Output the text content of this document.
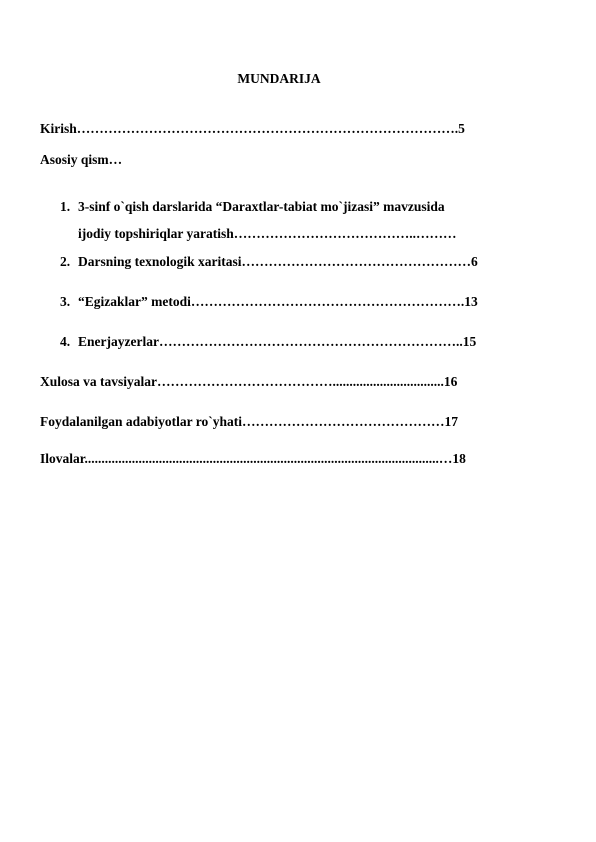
MUNDARIJA
Kirish………………………………………………………………………….5
Asosiy qism…
1. 3-sinf o`qish darslarida “Daraxtlar-tabiat mo`jizasi” mavzusida
ijodiy topshiriqlar yaratish…………………………………..………
2. Darsning texnologik xaritasi……………………………………………6
3. “Egizaklar” metodi…………………………………………………….13
4. Enerjayzerlar…………………………………………………………..15
Xulosa va tavsiyalar………………………………….................................16
Foydalanilgan adabiyotlar ro`yhati………………………………………17
Ilovalar.........................................................................................................…18
